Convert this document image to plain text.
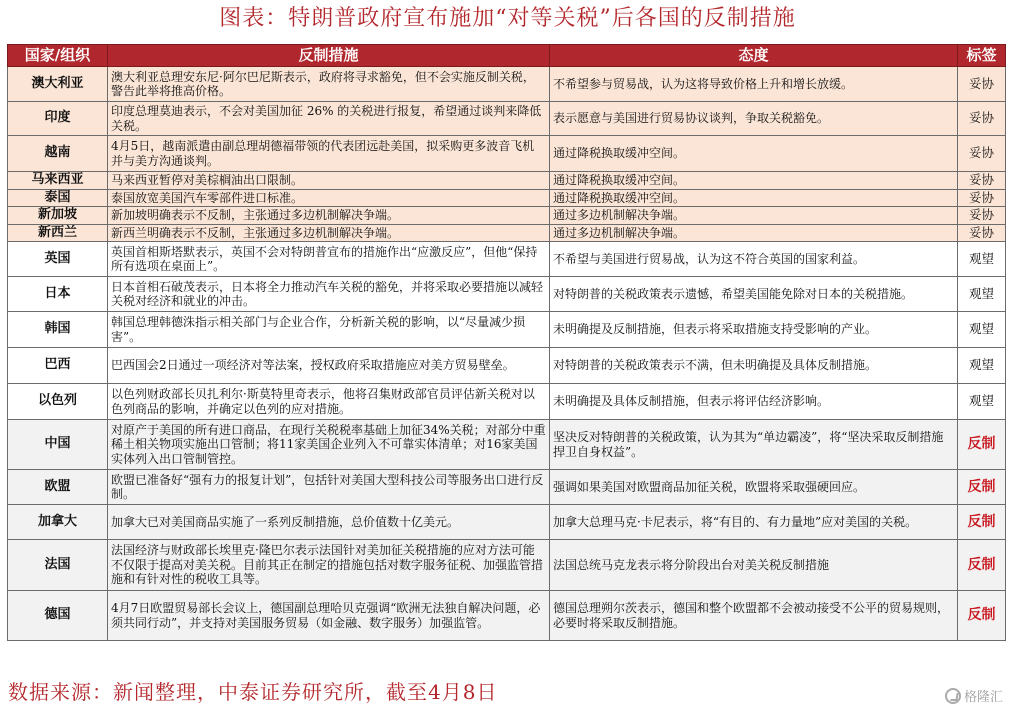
图表：特朗普政府宣布施加“对等关税”后各国的反制措施
国家/组织	反制措施	态度	标签
澳大利亚	澳大利亚总理安东尼·阿尔巴尼斯表示，政府将寻求豁免，但不会实施反制关税，警告此举将推高价格。	不希望参与贸易战，认为这将导致价格上升和增长放缓。	妥协
印度	印度总理莫迪表示，不会对美国加征 26% 的关税进行报复，希望通过谈判来降低关税。	表示愿意与美国进行贸易协议谈判，争取关税豁免。	妥协
越南	4月5日，越南派遣由副总理胡德福带领的代表团远赴美国，拟采购更多波音飞机并与美方沟通谈判。	通过降税换取缓冲空间。	妥协
马来西亚	马来西亚暂停对美棕榈油出口限制。	通过降税换取缓冲空间。	妥协
泰国	泰国放宽美国汽车零部件进口标准。	通过降税换取缓冲空间。	妥协
新加坡	新加坡明确表示不反制，主张通过多边机制解决争端。	通过多边机制解决争端。	妥协
新西兰	新西兰明确表示不反制，主张通过多边机制解决争端。	通过多边机制解决争端。	妥协
英国	英国首相斯塔默表示，英国不会对特朗普宣布的措施作出“应激反应”，但他“保持所有选项在桌面上”。	不希望与美国进行贸易战，认为这不符合英国的国家利益。	观望
日本	日本首相石破茂表示，日本将全力推动汽车关税的豁免，并将采取必要措施以减轻关税对经济和就业的冲击。	对特朗普的关税政策表示遗憾，希望美国能免除对日本的关税措施。	观望
韩国	韩国总理韩德洙指示相关部门与企业合作，分析新关税的影响，以“尽量减少损害”。	未明确提及反制措施，但表示将采取措施支持受影响的产业。	观望
巴西	巴西国会2日通过一项经济对等法案，授权政府采取措施应对美方贸易壁垒。	对特朗普的关税政策表示不满，但未明确提及具体反制措施。	观望
以色列	以色列财政部长贝扎利尔·斯莫特里奇表示，他将召集财政部官员评估新关税对以色列商品的影响，并确定以色列的应对措施。	未明确提及具体反制措施，但表示将评估经济影响。	观望
中国	对原产于美国的所有进口商品，在现行关税税率基础上加征34%关税；对部分中重稀土相关物项实施出口管制；将11家美国企业列入不可靠实体清单；对16家美国实体列入出口管制管控。	坚决反对特朗普的关税政策，认为其为“单边霸凌”，将“坚决采取反制措施捍卫自身权益”。	反制
欧盟	欧盟已准备好“强有力的报复计划”，包括针对美国大型科技公司等服务出口进行反制。	强调如果美国对欧盟商品加征关税，欧盟将采取强硬回应。	反制
加拿大	加拿大已对美国商品实施了一系列反制措施，总价值数十亿美元。	加拿大总理马克·卡尼表示，将“有目的、有力量地”应对美国的关税。	反制
法国	法国经济与财政部长埃里克·隆巴尔表示法国针对美加征关税措施的应对方法可能不仅限于提高对美关税。目前其正在制定的措施包括对数字服务征税、加强监管措施和有针对性的税收工具等。	法国总统马克龙表示将分阶段出台对美关税反制措施	反制
德国	4月7日欧盟贸易部长会议上，德国副总理哈贝克强调“欧洲无法独自解决问题，必须共同行动”，并支持对美国服务贸易（如金融、数字服务）加强监管。	德国总理朔尔茨表示，德国和整个欧盟都不会被动接受不公平的贸易规则，必要时将采取反制措施。	反制
数据来源：新闻整理，中泰证券研究所，截至4月8日	格隆汇
